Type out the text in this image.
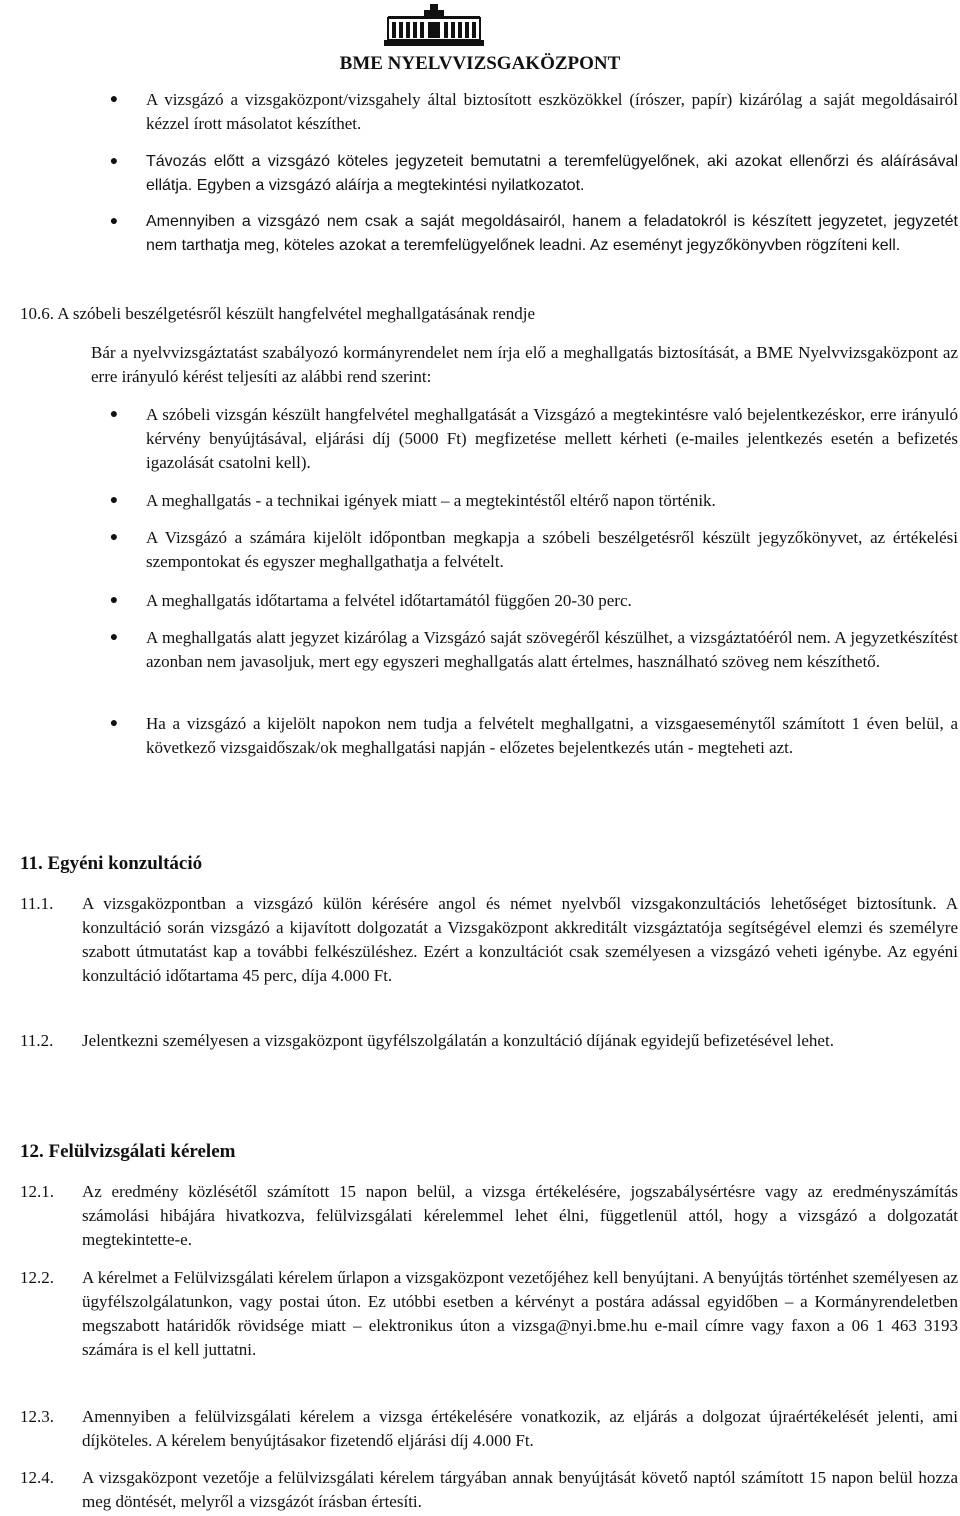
BME NYELVVIZSGAKÖZPONT
● A vizsgázó a vizsgaközpont/vizsgahely által biztosított eszközökkel (írószer, papír) kizárólag a saját megoldásairól kézzel írott másolatot készíthet.
● Távozás előtt a vizsgázó köteles jegyzeteit bemutatni a teremfelügyelőnek, aki azokat ellenőrzi és aláírásával ellátja. Egyben a vizsgázó aláírja a megtekintési nyilatkozatot.
● Amennyiben a vizsgázó nem csak a saját megoldásairól, hanem a feladatokról is készített jegyzetet, jegyzetét nem tarthatja meg, köteles azokat a teremfelügyelőnek leadni. Az eseményt jegyzőkönyvben rögzíteni kell.
10.6. A szóbeli beszélgetésről készült hangfelvétel meghallgatásának rendje
Bár a nyelvvizsgáztatást szabályozó kormányrendelet nem írja elő a meghallgatás biztosítását, a BME Nyelvvizsgaközpont az erre irányuló kérést teljesíti az alábbi rend szerint:
● A szóbeli vizsgán készült hangfelvétel meghallgatását a Vizsgázó a megtekintésre való bejelentkezéskor, erre irányuló kérvény benyújtásával, eljárási díj (5000 Ft) megfizetése mellett kérheti (e-mailes jelentkezés esetén a befizetés igazolását csatolni kell).
● A meghallgatás - a technikai igények miatt – a megtekintéstől eltérő napon történik.
● A Vizsgázó a számára kijelölt időpontban megkapja a szóbeli beszélgetésről készült jegyzőkönyvet, az értékelési szempontokat és egyszer meghallgathatja a felvételt.
● A meghallgatás időtartama a felvétel időtartamától függően 20-30 perc.
● A meghallgatás alatt jegyzet kizárólag a Vizsgázó saját szövegéről készülhet, a vizsgáztatóéról nem. A jegyzetkészítést azonban nem javasoljuk, mert egy egyszeri meghallgatás alatt értelmes, használható szöveg nem készíthető.
● Ha a vizsgázó a kijelölt napokon nem tudja a felvételt meghallgatni, a vizsgaeseménytől számított 1 éven belül, a következő vizsgaidőszak/ok meghallgatási napján - előzetes bejelentkezés után - megteheti azt.
11. Egyéni konzultáció
11.1. A vizsgaközpontban a vizsgázó külön kérésére angol és német nyelvből vizsgakonzultációs lehetőséget biztosítunk. A konzultáció során vizsgázó a kijavított dolgozatát a Vizsgaközpont akkreditált vizsgáztatója segítségével elemzi és személyre szabott útmutatást kap a további felkészüléshez. Ezért a konzultációt csak személyesen a vizsgázó veheti igénybe. Az egyéni konzultáció időtartama 45 perc, díja 4.000 Ft.
11.2. Jelentkezni személyesen a vizsgaközpont ügyfélszolgálatán a konzultáció díjának egyidejű befizetésével lehet.
12. Felülvizsgálati kérelem
12.1. Az eredmény közlésétől számított 15 napon belül, a vizsga értékelésére, jogszabálysértésre vagy az eredményszámítás számolási hibájára hivatkozva, felülvizsgálati kérelemmel lehet élni, függetlenül attól, hogy a vizsgázó a dolgozatát megtekintette-e.
12.2. A kérelmet a Felülvizsgálati kérelem űrlapon a vizsgaközpont vezetőjéhez kell benyújtani. A benyújtás történhet személyesen az ügyfélszolgálatunkon, vagy postai úton. Ez utóbbi esetben a kérvényt a postára adással egyidőben – a Kormányrendeletben megszabott határidők rövidsége miatt – elektronikus úton a vizsga@nyi.bme.hu e-mail címre vagy faxon a 06 1 463 3193 számára is el kell juttatni.
12.3. Amennyiben a felülvizsgálati kérelem a vizsga értékelésére vonatkozik, az eljárás a dolgozat újraértékelését jelenti, ami díjköteles. A kérelem benyújtásakor fizetendő eljárási díj 4.000 Ft.
12.4. A vizsgaközpont vezetője a felülvizsgálati kérelem tárgyában annak benyújtását követő naptól számított 15 napon belül hozza meg döntését, melyről a vizsgázót írásban értesíti.
